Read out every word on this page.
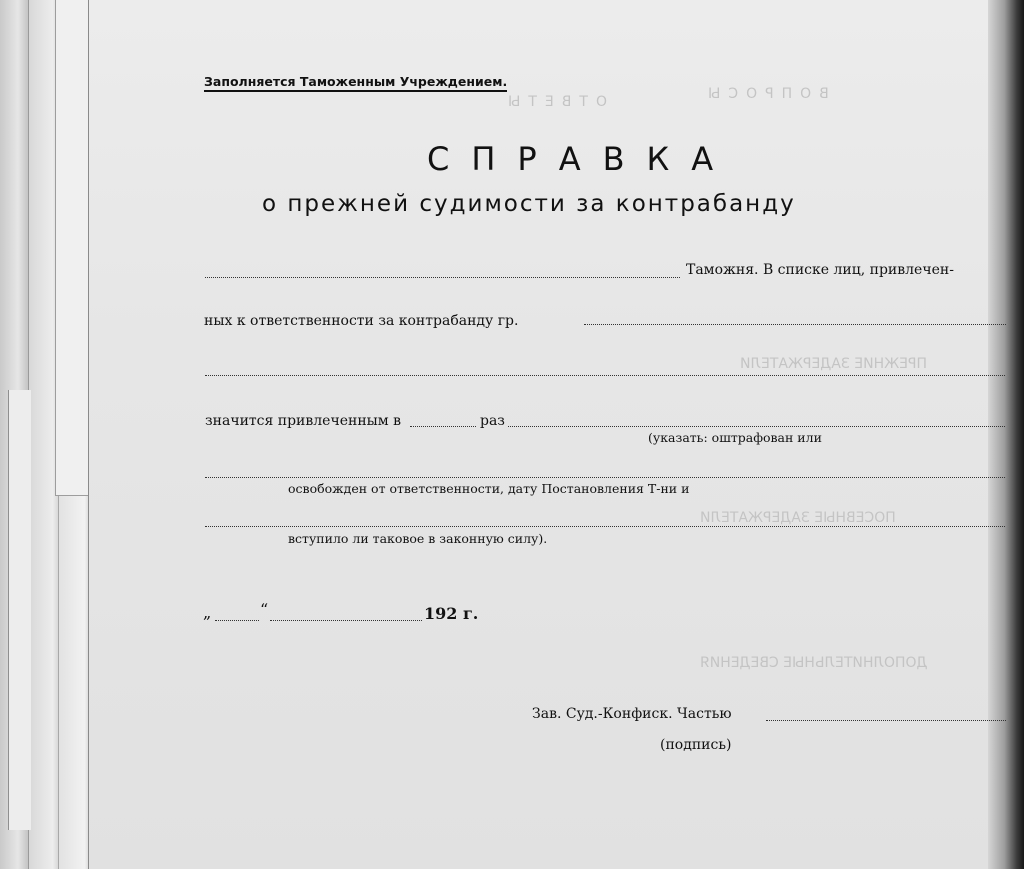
ВОПРОСЫ
ОТВЕТЫ
ПРЕЖНИЕ ЗАДЕРЖАТЕЛИ
ПОСЕВНЫЕ ЗАДЕРЖАТЕЛИ
ДОПОЛНИТЕЛЬНЫЕ СВЕДЕНИЯ
Заполняется Таможенным Учреждением.
СПРАВКА
о прежней судимости за контрабанду
Таможня. В списке лиц, привлечен-
ных к ответственности за контрабанду гр.
значится привлеченным в	раз
(указать: оштрафован или
освобожден от ответственности, дату Постановления Т-ни и
вступило ли таковое в законную силу).
„	“	192 г.
Зав. Суд.-Конфиск. Частью
(подпись)
